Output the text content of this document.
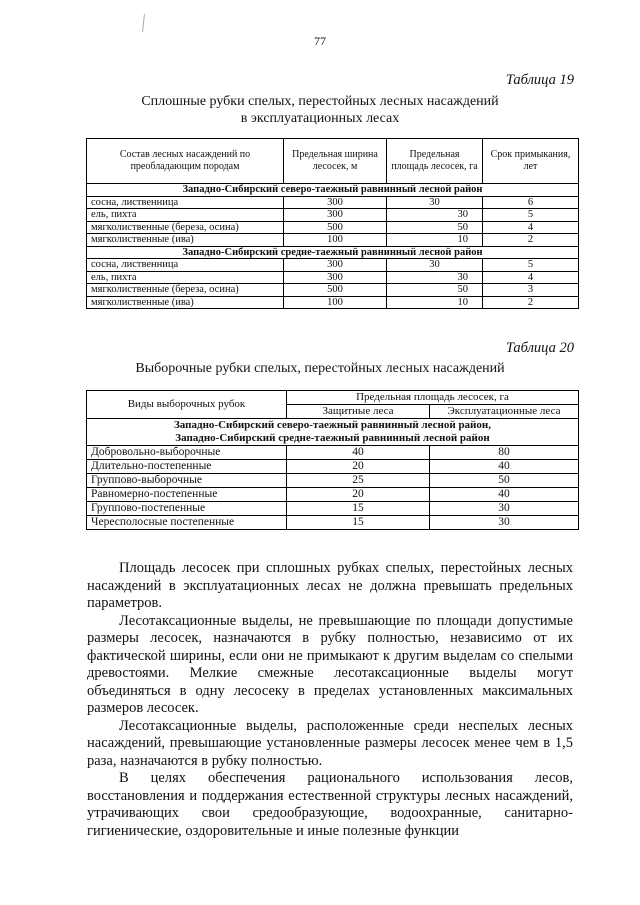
77
Таблица 19
Сплошные рубки спелых, перестойных лесных насаждений
в эксплуатационных лесах
Состав лесных насаждений по преобладающим породам	Предельная ширина лесосек, м	Предельная площадь лесосек, га	Срок примыкания, лет
Западно-Сибирский северо-таежный равнинный лесной район			
сосна, лиственница	300	30	6
ель, пихта	300	30	5
мягколиственные (береза, осина)	500	50	4
мягколиственные (ива)	100	10	2
Западно-Сибирский средне-таежный равнинный лесной район			
сосна, лиственница	300	30	5
ель, пихта	300	30	4
мягколиственные (береза, осина)	500	50	3
мягколиственные (ива)	100	10	2
Таблица 20
Выборочные рубки спелых, перестойных лесных насаждений
Виды выборочных рубок	Предельная площадь лесосек, га	
	Защитные леса	Эксплуатационные леса

Западно-Сибирский северо-таежный равнинный лесной район,
Западно-Сибирский средне-таежный равнинный лесной район		

Добровольно-выборочные	40	80
Длительно-постепенные	20	40
Группово-выборочные	25	50
Равномерно-постепенные	20	40
Группово-постепенные	15	30
Чересполосные постепенные	15	30

Площадь лесосек при сплошных рубках спелых, перестойных лесных насаждений в эксплуатационных лесах не должна превышать предельных параметров.

Лесотаксационные выделы, не превышающие по площади допустимые размеры лесосек, назначаются в рубку полностью, независимо от их фактической ширины, если они не примыкают к другим выделам со спелыми древостоями. Мелкие смежные лесотаксационные выделы могут объединяться в одну лесосеку в пределах установленных максимальных размеров лесосек.

Лесотаксационные выделы, расположенные среди неспелых лесных насаждений, превышающие установленные размеры лесосек менее чем в 1,5 раза, назначаются в рубку полностью.

В целях обеспечения рационального использования лесов, восстановления и поддержания естественной структуры лесных насаждений, утрачивающих свои средообразующие, водоохранные, санитарно-гигиенические, оздоровительные и иные полезные функции
